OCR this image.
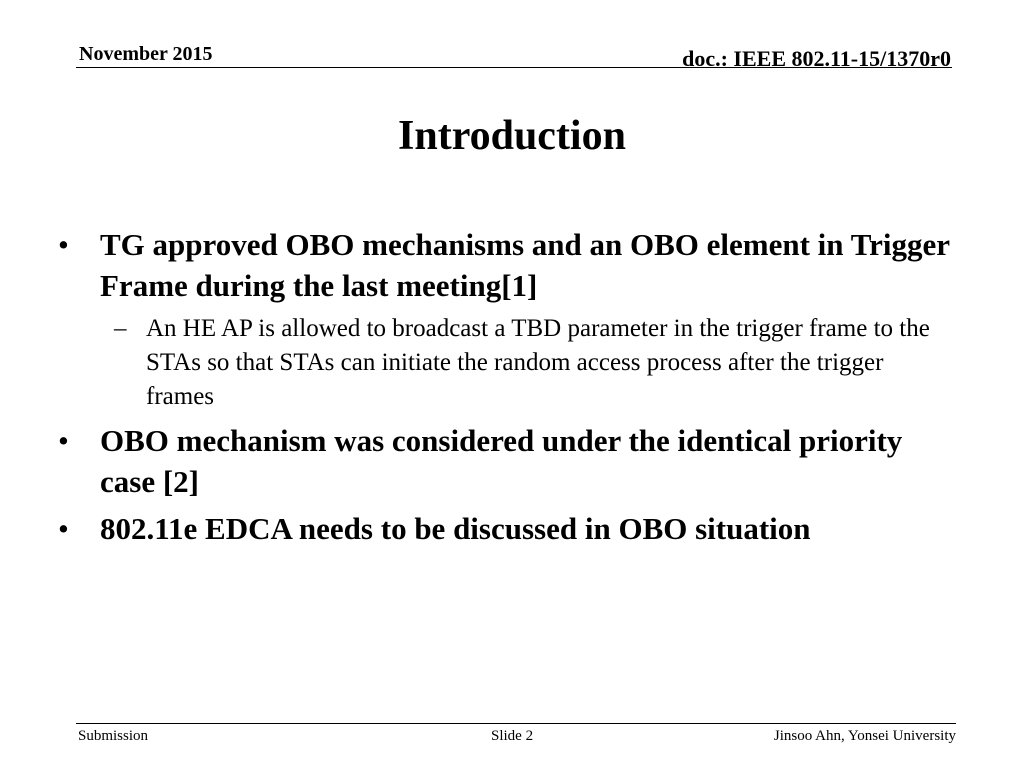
November 2015	doc.: IEEE 802.11-15/1370r0
Introduction
• TG approved OBO mechanisms and an OBO element in Trigger Frame during the last meeting[1]
– An HE AP is allowed to broadcast a TBD parameter in the trigger frame to the STAs so that STAs can initiate the random access process after the trigger frames
• OBO mechanism was considered under the identical priority case [2]
• 802.11e EDCA needs to be discussed in OBO situation
Submission	Slide 2	Jinsoo Ahn, Yonsei University
